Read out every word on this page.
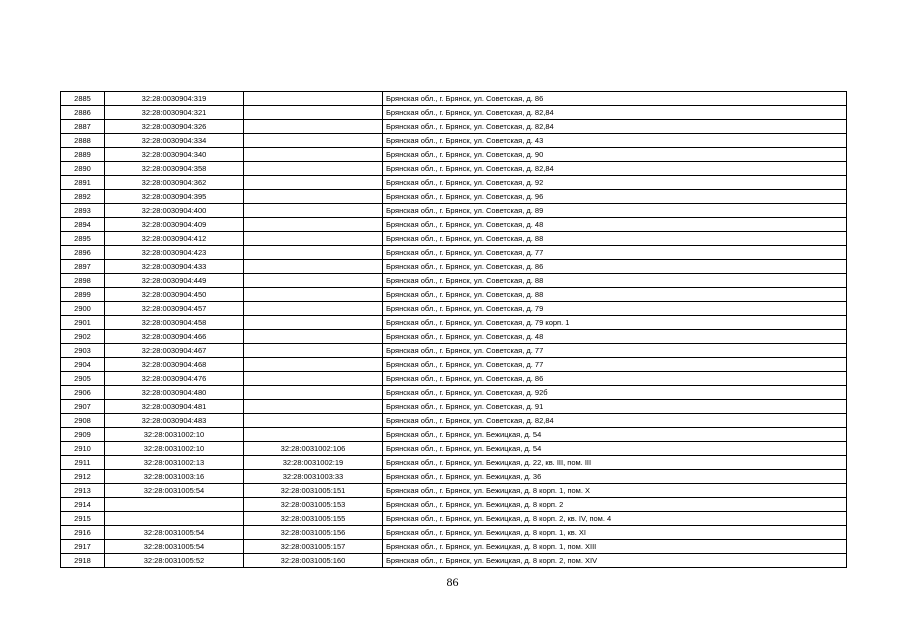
2885	32:28:0030904:319		Брянская обл., г. Брянск, ул. Советская, д. 86
2886	32:28:0030904:321		Брянская обл., г. Брянск, ул. Советская, д. 82,84
2887	32:28:0030904:326		Брянская обл., г. Брянск, ул. Советская, д. 82,84
2888	32:28:0030904:334		Брянская обл., г. Брянск, ул. Советская, д. 43
2889	32:28:0030904:340		Брянская обл., г. Брянск, ул. Советская, д. 90
2890	32:28:0030904:358		Брянская обл., г. Брянск, ул. Советская, д. 82,84
2891	32:28:0030904:362		Брянская обл., г. Брянск, ул. Советская, д. 92
2892	32:28:0030904:395		Брянская обл., г. Брянск, ул. Советская, д. 96
2893	32:28:0030904:400		Брянская обл., г. Брянск, ул. Советская, д. 89
2894	32:28:0030904:409		Брянская обл., г. Брянск, ул. Советская, д. 48
2895	32:28:0030904:412		Брянская обл., г. Брянск, ул. Советская, д. 88
2896	32:28:0030904:423		Брянская обл., г. Брянск, ул. Советская, д. 77
2897	32:28:0030904:433		Брянская обл., г. Брянск, ул. Советская, д. 86
2898	32:28:0030904:449		Брянская обл., г. Брянск, ул. Советская, д. 88
2899	32:28:0030904:450		Брянская обл., г. Брянск, ул. Советская, д. 88
2900	32:28:0030904:457		Брянская обл., г. Брянск, ул. Советская, д. 79
2901	32:28:0030904:458		Брянская обл., г. Брянск, ул. Советская, д. 79 корп. 1
2902	32:28:0030904:466		Брянская обл., г. Брянск, ул. Советская, д. 48
2903	32:28:0030904:467		Брянская обл., г. Брянск, ул. Советская, д. 77
2904	32:28:0030904:468		Брянская обл., г. Брянск, ул. Советская, д. 77
2905	32:28:0030904:476		Брянская обл., г. Брянск, ул. Советская, д. 86
2906	32:28:0030904:480		Брянская обл., г. Брянск, ул. Советская, д. 92б
2907	32:28:0030904:481		Брянская обл., г. Брянск, ул. Советская, д. 91
2908	32:28:0030904:483		Брянская обл., г. Брянск, ул. Советская, д. 82,84
2909	32:28:0031002:10		Брянская обл., г. Брянск, ул. Бежицкая, д. 54
2910	32:28:0031002:10	32:28:0031002:106	Брянская обл., г. Брянск, ул. Бежицкая, д. 54
2911	32:28:0031002:13	32:28:0031002:19	Брянская обл., г. Брянск, ул. Бежицкая, д. 22, кв. III, пом. III
2912	32:28:0031003:16	32:28:0031003:33	Брянская обл., г. Брянск, ул. Бежицкая, д. 36
2913	32:28:0031005:54	32:28:0031005:151	Брянская обл., г. Брянск, ул. Бежицкая, д. 8 корп. 1, пом. X
2914		32:28:0031005:153	Брянская обл., г. Брянск, ул. Бежицкая, д. 8 корп. 2
2915		32:28:0031005:155	Брянская обл., г. Брянск, ул. Бежицкая, д. 8 корп. 2, кв. IV, пом. 4
2916	32:28:0031005:54	32:28:0031005:156	Брянская обл., г. Брянск, ул. Бежицкая, д. 8 корп. 1, кв. XI
2917	32:28:0031005:54	32:28:0031005:157	Брянская обл., г. Брянск, ул. Бежицкая, д. 8 корп. 1, пом. XIII
2918	32:28:0031005:52	32:28:0031005:160	Брянская обл., г. Брянск, ул. Бежицкая, д. 8 корп. 2, пом. XIV
86
